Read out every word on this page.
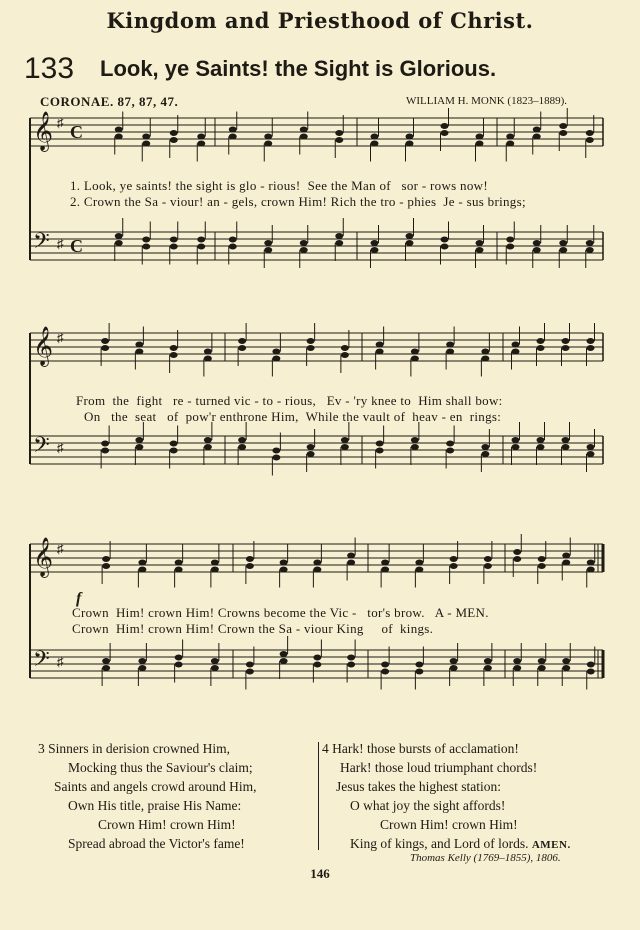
Kingdom and Priesthood of Christ.
133 Look, ye Saints! the Sight is Glorious.
CORONAE. 87, 87, 47.	WILLIAM H. MONK (1823–1889).
𝄞
𝄢
♯
♯
C
C
𝄞
𝄢
♯
♯
𝄞
𝄢
♯
♯
f
1. Look, ye saints! the sight is glo - rious!  See the Man of   sor - rows now!
2. Crown the Sa - viour! an - gels, crown Him! Rich the tro - phies  Je - sus brings;
From  the  fight   re - turned vic - to - rious,   Ev - 'ry knee to  Him shall bow:
On   the  seat   of  pow'r enthrone Him,  While the vault of  heav - en  rings:
Crown  Him! crown Him! Crowns become the Vic -   tor's brow.   A - MEN.
Crown  Him! crown Him! Crown the Sa - viour King     of  kings.
3 Sinners in derision crowned Him,
Mocking thus the Saviour's claim;
Saints and angels crowd around Him,
Own His title, praise His Name:
Crown Him! crown Him!
Spread abroad the Victor's fame!
4 Hark! those bursts of acclamation!
Hark! those loud triumphant chords!
Jesus takes the highest station:
O what joy the sight affords!
Crown Him! crown Him!
King of kings, and Lord of lords. AMEN.
Thomas Kelly (1769–1855), 1806.
146
